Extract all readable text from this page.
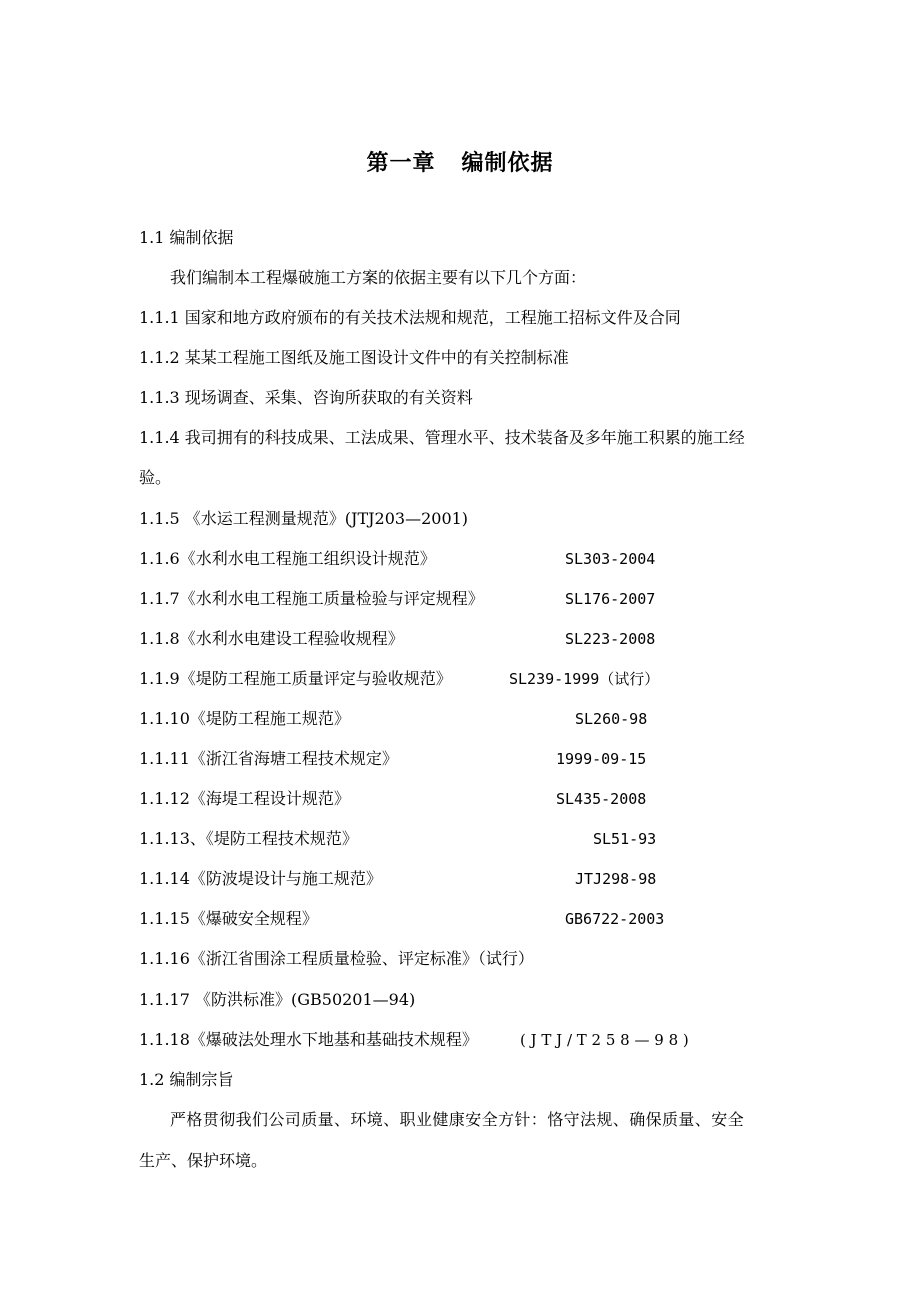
第一章 编制依据
1.1 编制依据
我们编制本工程爆破施工方案的依据主要有以下几个方面：
1.1.1 国家和地方政府颁布的有关技术法规和规范，工程施工招标文件及合同
1.1.2 某某工程施工图纸及施工图设计文件中的有关控制标准
1.1.3 现场调查、采集、咨询所获取的有关资料
1.1.4 我司拥有的科技成果、工法成果、管理水平、技术装备及多年施工积累的施工经
验。
1.1.5 《水运工程测量规范》(JTJ203—2001)
1.1.6《水利水电工程施工组织设计规范》	SL303-2004
1.1.7《水利水电工程施工质量检验与评定规程》	SL176-2007
1.1.8《水利水电建设工程验收规程》	SL223-2008
1.1.9《堤防工程施工质量评定与验收规范》	SL239-1999（试行）
1.1.10《堤防工程施工规范》	SL260-98
1.1.11《浙江省海塘工程技术规定》	1999-09-15
1.1.12《海堤工程设计规范》	SL435-2008
1.1.13、《堤防工程技术规范》	SL51-93
1.1.14《防波堤设计与施工规范》	JTJ298-98
1.1.15《爆破安全规程》	GB6722-2003
1.1.16《浙江省围涂工程质量检验、评定标准》（试行）
1.1.17 《防洪标准》(GB50201—94)
1.1.18《爆破法处理水下地基和基础技术规程》	( J T J / T 2 5 8 — 9 8 )
1.2 编制宗旨
严格贯彻我们公司质量、环境、职业健康安全方针：恪守法规、确保质量、安全
生产、保护环境。
